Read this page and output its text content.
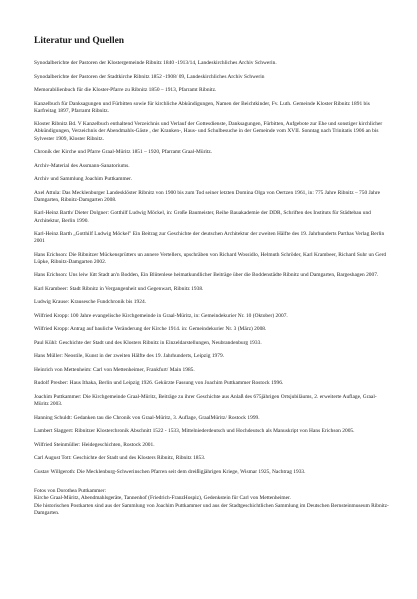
Literatur und Quellen
Synodalberichte der Pastoren der Klostergemeinde Ribnitz 1840 -1913/14, Landeskirchliches Archiv Schwerin.
Synodalberichte der Pastoren der Stadtkirche Ribnitz 1852 -1908/ 09, Landeskirchliches Archiv Schwerin
Memorabilienbuch für die Kloster-Pfarre zu Ribnitz 1850 – 1913, Pfarramt Ribnitz.
Kanzelbuch für Danksagungen und Fürbitten sowie für kirchliche Abkündigungen, Namen der Beichtkinder, Fv. Luth. Gemeinde Kloster Ribnitz 1891 bis Karfreitag 1897, Pfarramt Ribnitz.
Kloster Ribnitz Bd. V Kanzelbuch enthaltend Verzeichnis und Verlauf der Gottesdienste, Danksagungen, Fürbitten, Aufgebote zur Ehe und sonstiger kirchlicher Abkündigungen, Verzeichnis der Abendmahls-Gäste , der Kranken-, Haus- und Schulbesuche in der Gemeinde vom XVII. Sonntag nach Trinitatis 1906 an bis Sylvester 1909, Kloster Ribnitz.
Chronik der Kirche und Pfarre Graal-Müritz 1851 – 1920, Pfarramt Graal-Müritz.
Archiv-Material des Assmann-Sanatoriums.
Archiv und Sammlung Joachim Puttkammer.
Axel Attula: Das Mecklenburger Landesklöster Ribnitz von 1900 bis zum Tod seiner letzten Domina Olga von Oertzen 1961, in: 775 Jahre Ribnitz – 750 Jahre Damgarten, Ribnitz-Damgarten 2008.
Karl-Heinz Barth/ Dieter Dolgner: Gotthilf Ludwig Möckel, in: Große Baumeister, Reihe Bauakademie der DDR, Schriften des Instituts für Städtebau und Architektur, Berlin 1990.
Karl-Heinz Barth „Gotthilf Ludwig Möckel" Ein Beitrag zur Geschichte der deutschen Architektur der zweiten Hälfte des 19. Jahrhunderts Parthas Verlag Berlin 2001
Hans Erichson: Die Ribnitzer Mückensprütters un annere Vertellers, upschräben von Richard Wossidlo, Helmuth Schröder, Karl Krambeer, Richard Suhr un Gerd Lüpke, Ribnitz-Damgarten 2002.
Hans Erichson: Uns leiw lütt Stadt an'n Bodden, Ein Blütenlese heimatkundlicher Beiträge über die Boddenstädte Ribnitz und Damgarten, Bargeshagen 2007.
Karl Krambeer: Stadt Ribnitz in Vergangenheit und Gegenwart, Ribnitz 1938.
Ludwig Krause: Krausesche Fundchronik bis 1924.
Wilfried Kropp: 100 Jahre evangelische Kirchgemeinde in Graal-Müritz, in: Gemeindekurier Nr. 10 (Oktober) 2007.
Wilfried Kropp: Antrag auf bauliche Veränderung der Kirche 1914. in: Gemeindekurier Nr. 3 (März) 2008.
Paul Kühl: Geschichte der Stadt und des Klosters Ribnitz in Einzeldarstellungen, Neubrandenburg 1933.
Hans Müller: Neostile, Kunst in der zweiten Hälfte des 19. Jahrhunderts, Leipzig 1979.
Heinrich von Mettenheim: Carl von Mettenheimer, Frankfurt/ Main 1985.
Rudolf Presber: Haus Ithaka, Berlin und Leipzig 1926. Gekürzte Fassung von Joachim Puttkammer Rostock 1996.
Joachim Puttkammer: Die Kirchgemeinde Graal-Müritz, Beiträge zu ihrer Geschichte aus Anlaß des 675jährigen Ortsjubiläums, 2. erweiterte Auflage, Graal-Müritz 2003.
Hanning Schuldt: Gedanken tau die Chronik von Graal-Müritz, 3. Auflage, GraalMüritz/ Rostock 1999.
Lambert Slaggert: Ribnitzer Klosterchronik Abschnitt 1522 - 1533, Mittelniederdeutsch und Hochdeutsch als Manuskript von Hans Erichson 2005.
Wilfried Steinmüller: Heidegeschichten, Rostock 2001.
Carl August Tott: Geschichte der Stadt und des Klosters Ribnitz, Ribnitz 1853.
Gustav Willgeroth: Die Mecklenburg-Schwerinschen Pfarren seit dem dreißigjährigen Kriege, Wismar 1925, Nachtrag 1933.
Fotos von Dorothea Puttkammer:
Kirche Graal-Müritz, Abendmahlsgeräte, Tannenhof (Friedrich-FranzHospiz), Gedenkstein für Carl von Mettenheimer.
Die historischen Postkarten sind aus der Sammlung von Joachim Puttkammer und aus der Stadtgeschichtlichen Sammlung im Deutschen Bernsteinmuseum Ribnitz-Damgarten.
